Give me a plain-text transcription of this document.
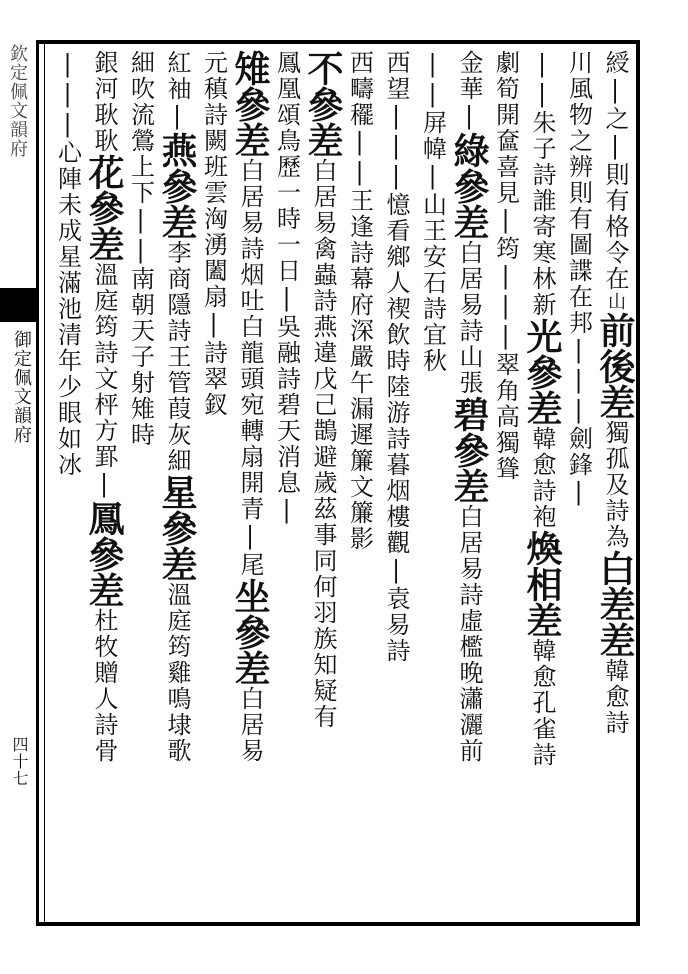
欽定佩文韻府
御定佩文韻府
四十七
綬|之|則有格令在山前後差獨孤及詩為白差差韓愈詩
川風物之辨則有圖諜在邦|||劍鋒|
||朱子詩誰寄寒林新光參差韓愈詩袍煥相差韓愈孔雀詩
劇筍開奩喜見|筠|||翠角高獨聳
金華|綠參差白居易詩山張碧參差白居易詩虛檻晚瀟灑前
||屏幃|山王安石詩宜秋
西望|||憶看鄉人禊飲時陸游詩暮烟樓觀|袁易詩
西疇䆉||王逢詩幕府深嚴午漏遲簾文簾影
不參差白居易禽蟲詩燕違戊己鵲避歲茲事同何羽族知疑有
鳳凰頌鳥歷一時一日|吳融詩碧天消息|
雉參差白居易詩烟吐白龍頭宛轉扇開青|尾坐參差白居易
元稹詩闕班雲洶湧闔扇|詩翠釵
紅袖|燕參差李商隱詩王管葭灰細星參差溫庭筠雞鳴埭歌
細吹流鶯上下||南朝天子射雉時
銀河耿耿花參差溫庭筠詩文枰方罫|鳳參差杜牧贈人詩骨
|||心陣未成星滿池清年少眼如冰
